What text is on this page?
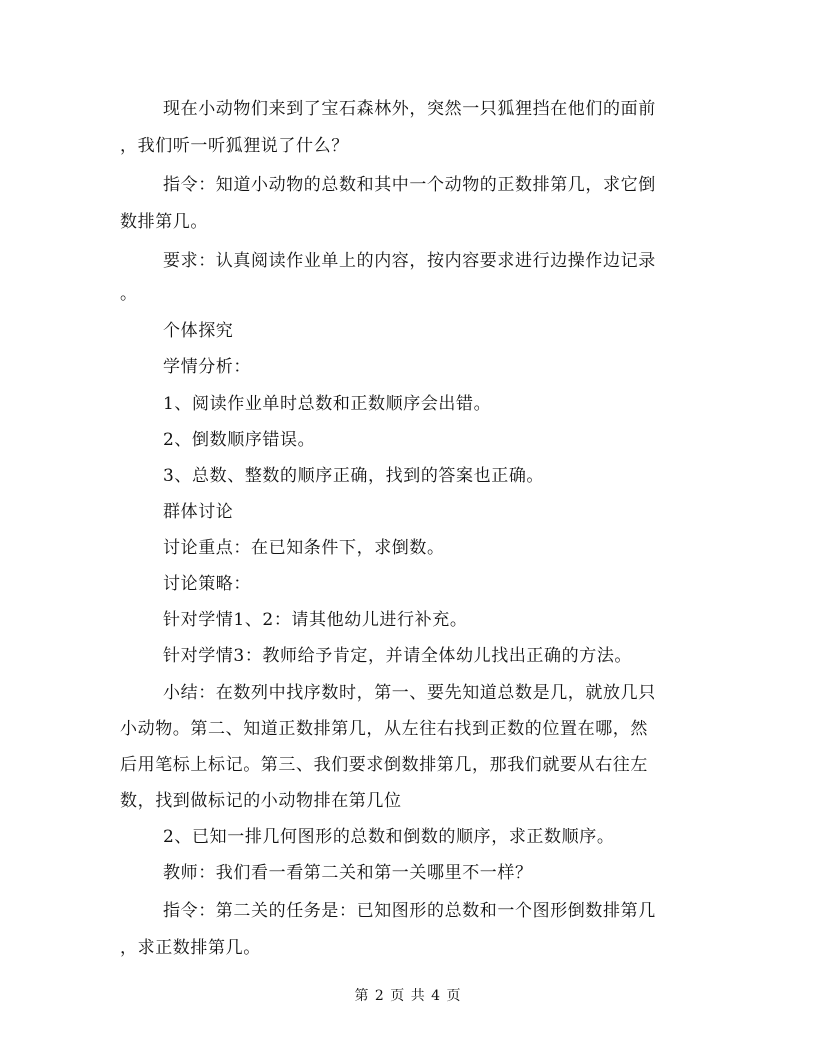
现在小动物们来到了宝石森林外，突然一只狐狸挡在他们的面前
，我们听一听狐狸说了什么？
指令：知道小动物的总数和其中一个动物的正数排第几，求它倒
数排第几。
要求：认真阅读作业单上的内容，按内容要求进行边操作边记录
。
个体探究
学情分析：
1、阅读作业单时总数和正数顺序会出错。
2、倒数顺序错误。
3、总数、整数的顺序正确，找到的答案也正确。
群体讨论
讨论重点：在已知条件下，求倒数。
讨论策略：
针对学情1、2：请其他幼儿进行补充。
针对学情3：教师给予肯定，并请全体幼儿找出正确的方法。
小结：在数列中找序数时，第一、要先知道总数是几，就放几只
小动物。第二、知道正数排第几，从左往右找到正数的位置在哪，然
后用笔标上标记。第三、我们要求倒数排第几，那我们就要从右往左
数，找到做标记的小动物排在第几位
2、已知一排几何图形的总数和倒数的顺序，求正数顺序。
教师：我们看一看第二关和第一关哪里不一样？
指令：第二关的任务是：已知图形的总数和一个图形倒数排第几
，求正数排第几。
第 2 页 共 4 页
